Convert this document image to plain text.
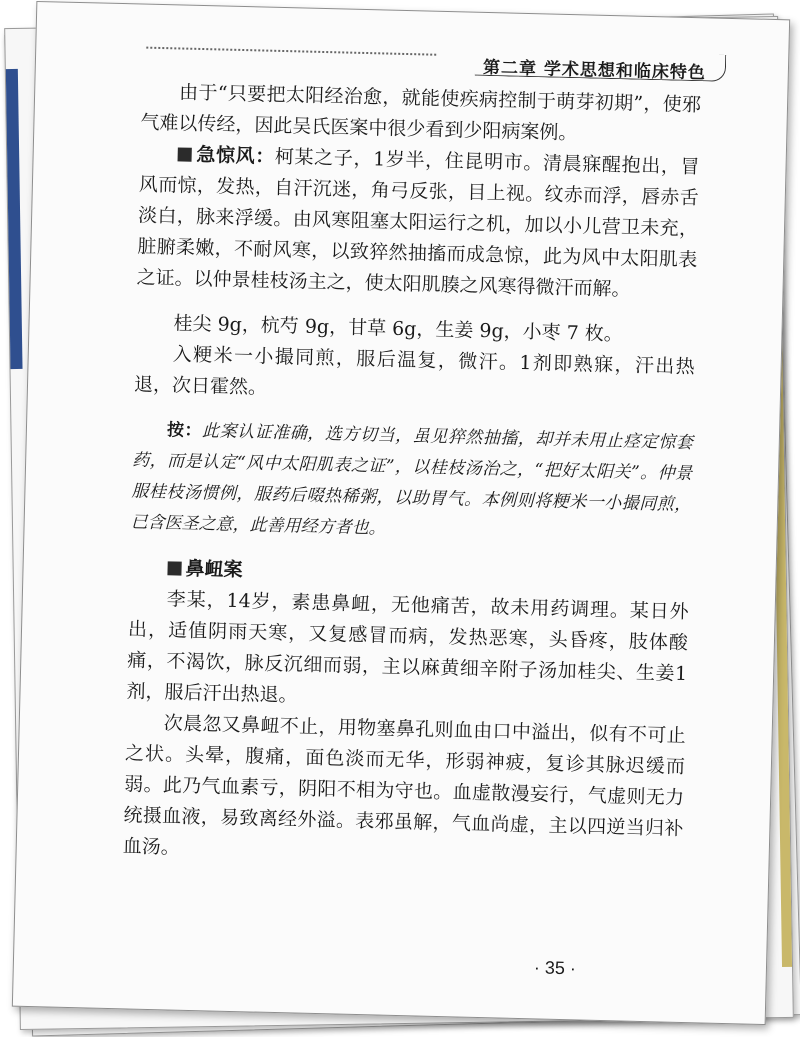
第二章 学术思想和临床特色

由于“只要把太阳经治愈，就能使疾病控制于萌芽初期”，使邪气难以传经，因此吴氏医案中很少看到少阳病案例。

急惊风：柯某之子，1岁半，住昆明市。清晨寐醒抱出，冒风而惊，发热，自汗沉迷，角弓反张，目上视。纹赤而浮，唇赤舌淡白，脉来浮缓。由风寒阻塞太阳运行之机，加以小儿营卫未充，脏腑柔嫩，不耐风寒，以致猝然抽搐而成急惊，此为风中太阳肌表之证。以仲景桂枝汤主之，使太阳肌腠之风寒得微汗而解。

桂尖 9g，杭芍 9g，甘草 6g，生姜 9g，小枣 7 枚。

入粳米一小撮同煎，服后温复，微汗。1剂即熟寐，汗出热退，次日霍然。

按：此案认证准确，选方切当，虽见猝然抽搐，却并未用止痉定惊套药，而是认定“风中太阳肌表之证”，以桂枝汤治之，“把好太阳关”。仲景服桂枝汤惯例，服药后啜热稀粥，以助胃气。本例则将粳米一小撮同煎，已含医圣之意，此善用经方者也。

鼻衄案

李某，14岁，素患鼻衄，无他痛苦，故未用药调理。某日外出，适值阴雨天寒，又复感冒而病，发热恶寒，头昏疼，肢体酸痛，不渴饮，脉反沉细而弱，主以麻黄细辛附子汤加桂尖、生姜1剂，服后汗出热退。

次晨忽又鼻衄不止，用物塞鼻孔则血由口中溢出，似有不可止之状。头晕，腹痛，面色淡而无华，形弱神疲，复诊其脉迟缓而弱。此乃气血素亏，阴阳不相为守也。血虚散漫妄行，气虚则无力统摄血液，易致离经外溢。表邪虽解，气血尚虚，主以四逆当归补血汤。

· 35 ·
